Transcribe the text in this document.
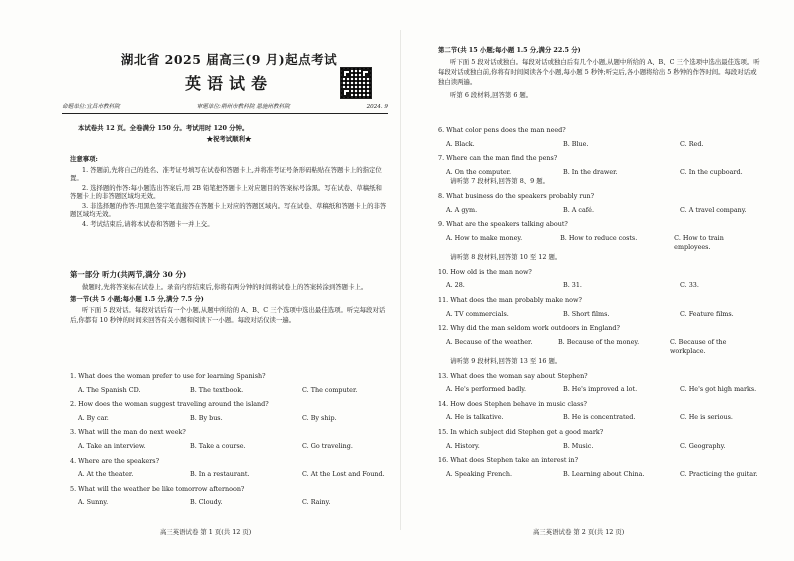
湖北省 2025 届高三(9 月)起点考试
英语试卷
命题单位:宜昌市教科院	审题单位:荆州市教科院 恩施州教科院	2024. 9
本试卷共 12 页。全卷满分 150 分。考试用时 120 分钟。
★祝考试顺利★
注意事项:
1. 答题前,先将自己的姓名、准考证号填写在试卷和答题卡上,并将准考证号条形码粘贴在答题卡上的指定位置。
2. 选择题的作答:每小题选出答案后,用 2B 铅笔把答题卡上对应题目的答案标号涂黑。写在试卷、草稿纸和答题卡上的非答题区域均无效。
3. 非选择题的作答:用黑色签字笔直接答在答题卡上对应的答题区域内。写在试卷、草稿纸和答题卡上的非答题区域均无效。
4. 考试结束后,请将本试卷和答题卡一并上交。
第一部分 听力(共两节,满分 30 分)
做题时,先将答案标在试卷上。录音内容结束后,你将有两分钟的时间将试卷上的答案转涂到答题卡上。
第一节(共 5 小题;每小题 1.5 分,满分 7.5 分)
听下面 5 段对话。每段对话后有一个小题,从题中所给的 A、B、C 三个选项中选出最佳选项。听完每段对话后,你都有 10 秒钟的时间来回答有关小题和阅读下一小题。每段对话仅读一遍。
1. What does the woman prefer to use for learning Spanish?
A. The Spanish CD.	B. The textbook.	C. The computer.
2. How does the woman suggest traveling around the island?
A. By car.	B. By bus.	C. By ship.
3. What will the man do next week?
A. Take an interview.	B. Take a course.	C. Go traveling.
4. Where are the speakers?
A. At the theater.	B. In a restaurant.	C. At the Lost and Found.
5. What will the weather be like tomorrow afternoon?
A. Sunny.	B. Cloudy.	C. Rainy.
高三英语试卷 第 1 页(共 12 页)
第二节(共 15 小题;每小题 1.5 分,满分 22.5 分)
听下面 5 段对话或独白。每段对话或独白后有几个小题,从题中所给的 A、B、C 三个选项中选出最佳选项。听每段对话或独白前,你将有时间阅读各个小题,每小题 5 秒钟;听完后,各小题将给出 5 秒钟的作答时间。每段对话或独白读两遍。
听第 6 段材料,回答第 6 题。
6. What color pens does the man need?
A. Black.	B. Blue.	C. Red.
7. Where can the man find the pens?
A. On the computer.	B. In the drawer.	C. In the cupboard.
请听第 7 段材料,回答第 8、9 题。
8. What business do the speakers probably run?
A. A gym.	B. A café.	C. A travel company.
9. What are the speakers talking about?
A. How to make money.	B. How to reduce costs.	C. How to train employees.
请听第 8 段材料,回答第 10 至 12 题。
10. How old is the man now?
A. 28.	B. 31.	C. 33.
11. What does the man probably make now?
A. TV commercials.	B. Short films.	C. Feature films.
12. Why did the man seldom work outdoors in England?
A. Because of the weather.	B. Because of the money.	C. Because of the workplace.
请听第 9 段材料,回答第 13 至 16 题。
13. What does the woman say about Stephen?
A. He's performed badly.	B. He's improved a lot.	C. He's got high marks.
14. How does Stephen behave in music class?
A. He is talkative.	B. He is concentrated.	C. He is serious.
15. In which subject did Stephen get a good mark?
A. History.	B. Music.	C. Geography.
16. What does Stephen take an interest in?
A. Speaking French.	B. Learning about China.	C. Practicing the guitar.
高三英语试卷 第 2 页(共 12 页)
